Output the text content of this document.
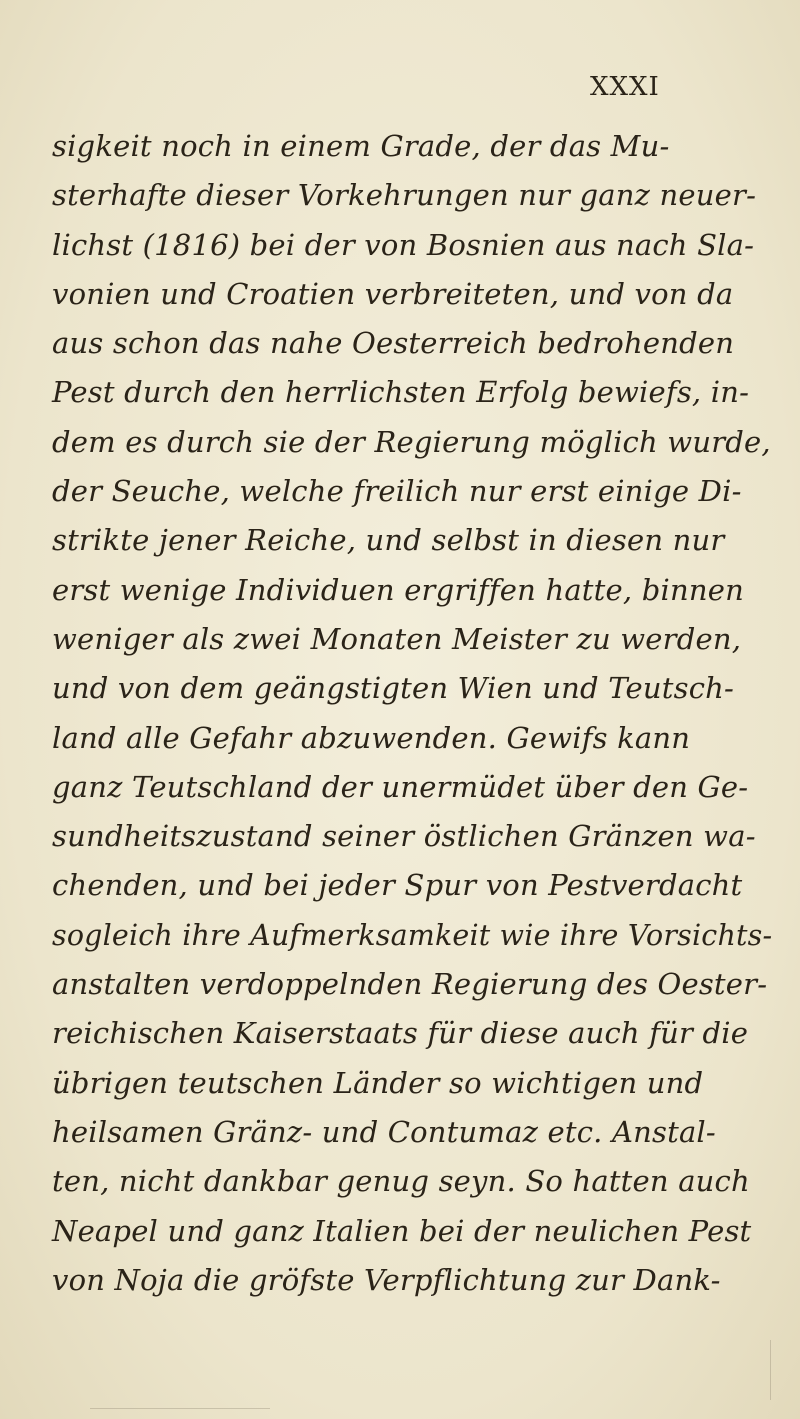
XXXI
sigkeit noch in einem Grade, der das Mu-
sterhafte dieser Vorkehrungen nur ganz neuer-
lichst (1816) bei der von Bosnien aus nach Sla-
vonien und Croatien verbreiteten, und von da
aus schon das nahe Oesterreich bedrohenden
Pest durch den herrlichsten Erfolg bewiefs, in-
dem es durch sie der Regierung möglich wurde,
der Seuche, welche freilich nur erst einige Di-
strikte jener Reiche, und selbst in diesen nur
erst wenige Individuen ergriffen hatte, binnen
weniger als zwei Monaten Meister zu werden,
und von dem geängstigten Wien und Teutsch-
land alle Gefahr abzuwenden. Gewifs kann
ganz Teutschland der unermüdet über den Ge-
sundheitszustand seiner östlichen Gränzen wa-
chenden, und bei jeder Spur von Pestverdacht
sogleich ihre Aufmerksamkeit wie ihre Vorsichts-
anstalten verdoppelnden Regierung des Oester-
reichischen Kaiserstaats für diese auch für die
übrigen teutschen Länder so wichtigen und
heilsamen Gränz- und Contumaz etc. Anstal-
ten, nicht dankbar genug seyn. So hatten auch
Neapel und ganz Italien bei der neulichen Pest
von Noja die gröfste Verpflichtung zur Dank-
